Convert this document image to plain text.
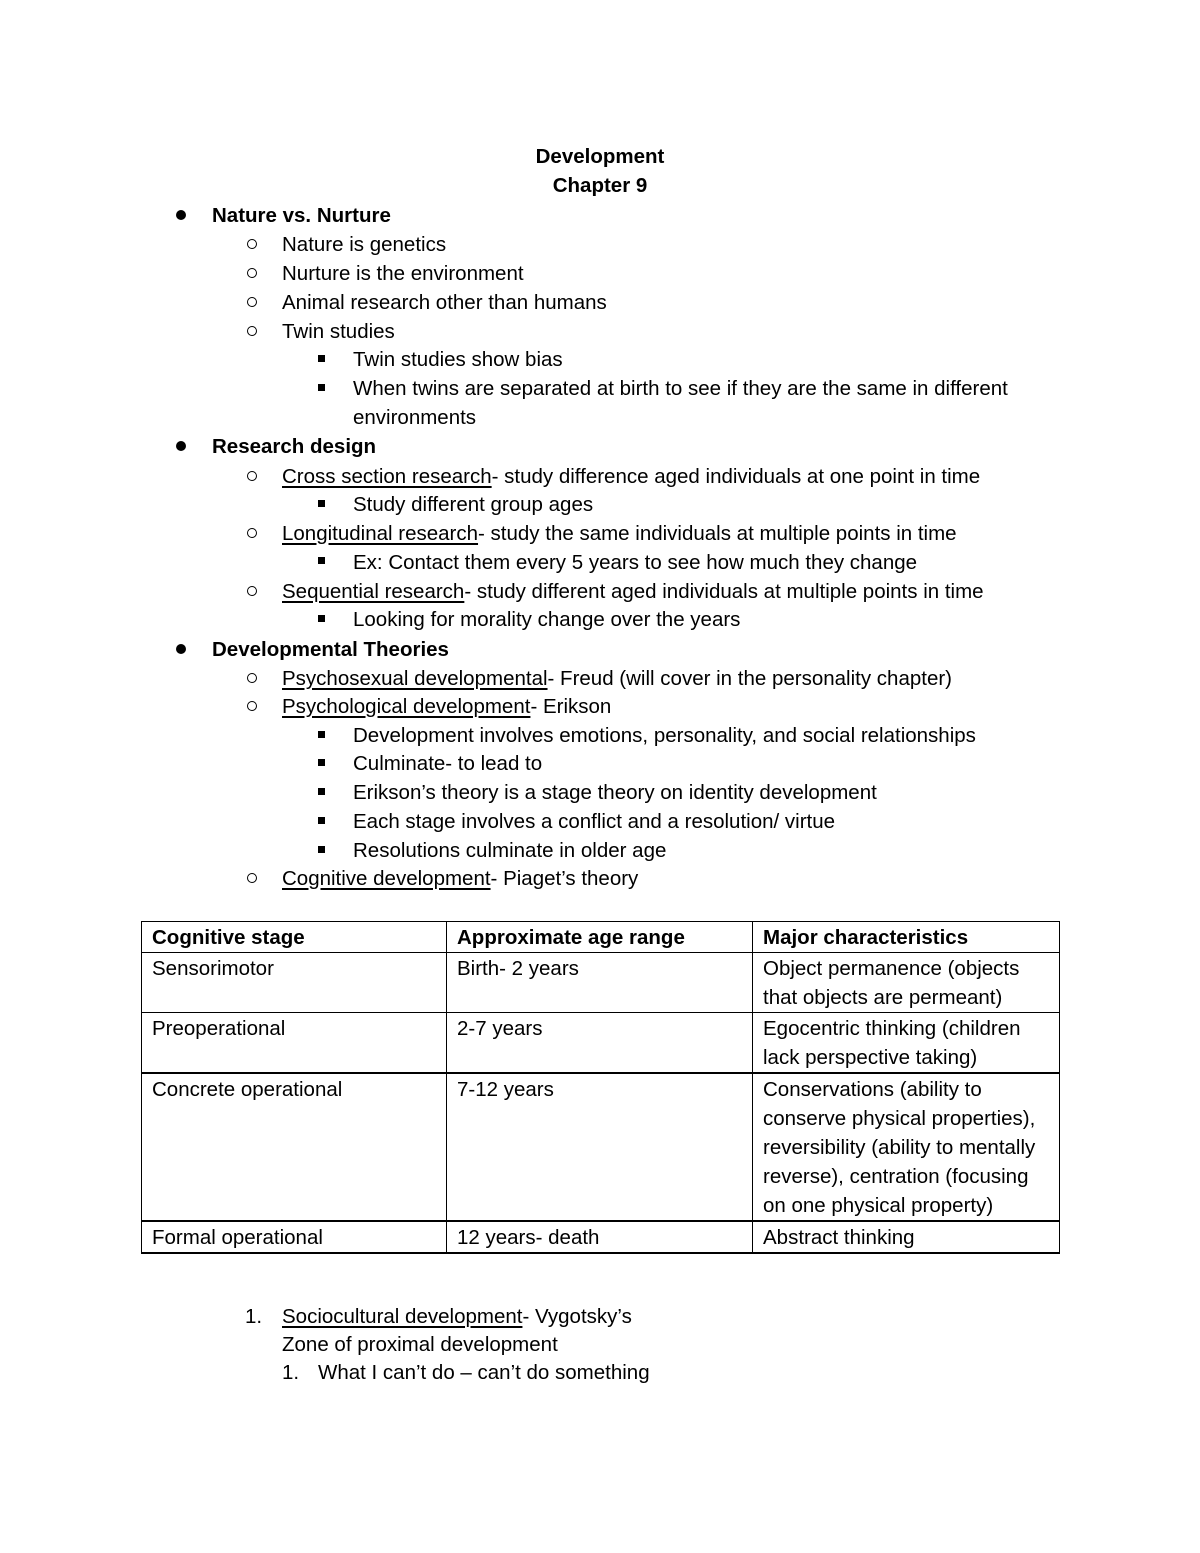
Development
Chapter 9
Nature vs. Nurture
Nature is genetics
Nurture is the environment
Animal research other than humans
Twin studies
Twin studies show bias
When twins are separated at birth to see if they are the same in different
environments
Research design
Cross section research- study difference aged individuals at one point in time
Study different group ages
Longitudinal research- study the same individuals at multiple points in time
Ex: Contact them every 5 years to see how much they change
Sequential research- study different aged individuals at multiple points in time
Looking for morality change over the years
Developmental Theories
Psychosexual developmental- Freud (will cover in the personality chapter)
Psychological development- Erikson
Development involves emotions, personality, and social relationships
Culminate- to lead to
Erikson’s theory is a stage theory on identity development
Each stage involves a conflict and a resolution/ virtue
Resolutions culminate in older age
Cognitive development- Piaget’s theory
Cognitive stage	Approximate age range	Major characteristics
Sensorimotor	Birth- 2 years	Object permanence (objects that objects are permeant)
Preoperational	2-7 years	Egocentric thinking (children lack perspective taking)
Concrete operational	7-12 years	Conservations (ability to conserve physical properties), reversibility (ability to mentally reverse), centration (focusing on one physical property)
Formal operational	12 years- death	Abstract thinking
1. Sociocultural development- Vygotsky’s
Zone of proximal development
1. What I can’t do – can’t do something
